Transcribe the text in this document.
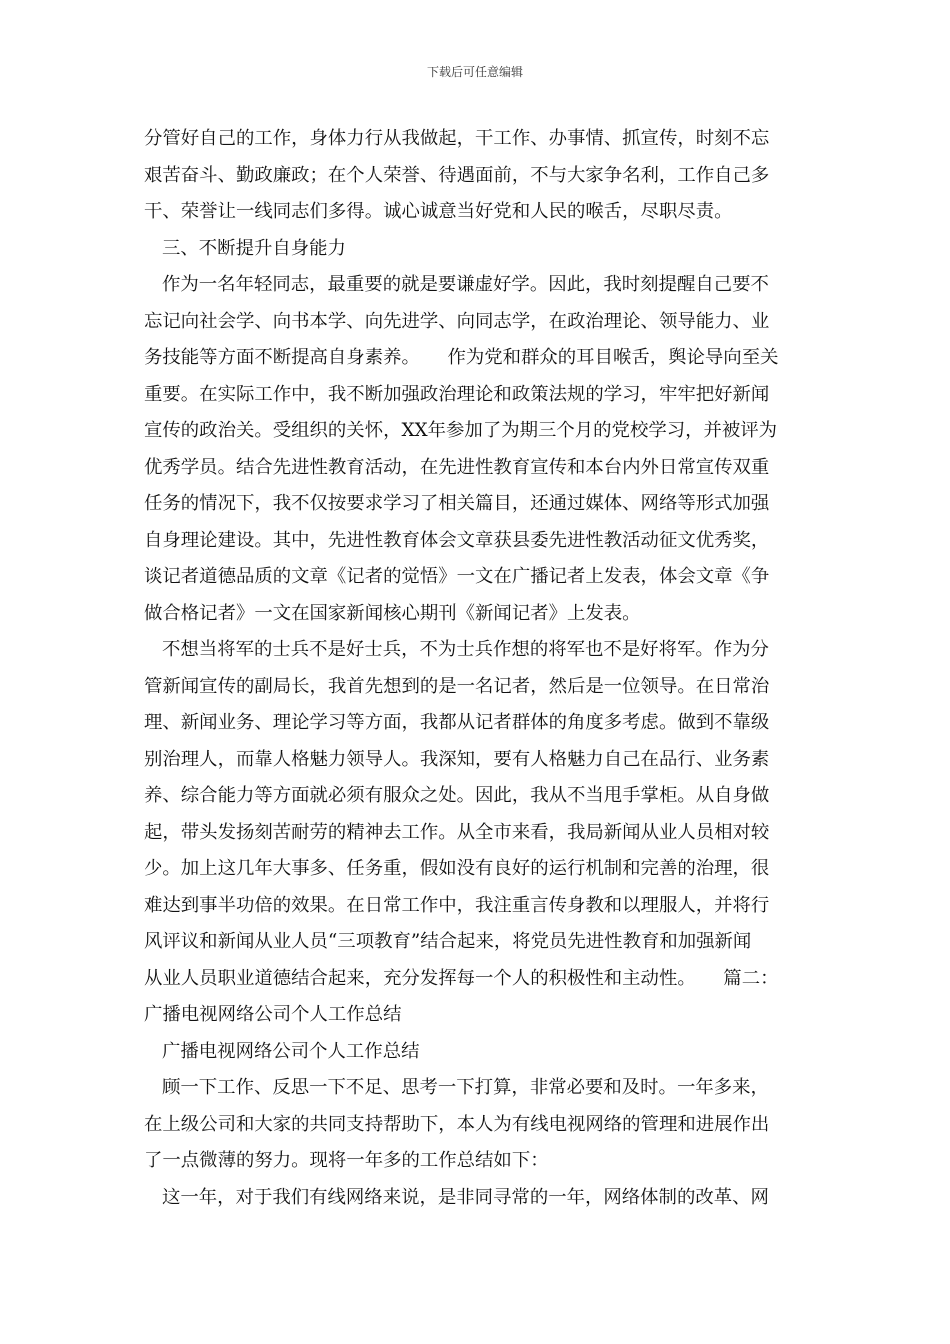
下载后可任意编辑
分管好自己的工作，身体力行从我做起，干工作、办事情、抓宣传，时刻不忘
艰苦奋斗、勤政廉政；在个人荣誉、待遇面前，不与大家争名利，工作自己多
干、荣誉让一线同志们多得。诚心诚意当好党和人民的喉舌，尽职尽责。
三、不断提升自身能力
作为一名年轻同志，最重要的就是要谦虚好学。因此，我时刻提醒自己要不
忘记向社会学、向书本学、向先进学、向同志学，在政治理论、领导能力、业
务技能等方面不断提高自身素养。　　作为党和群众的耳目喉舌，舆论导向至关
重要。在实际工作中，我不断加强政治理论和政策法规的学习，牢牢把好新闻
宣传的政治关。受组织的关怀，XX年参加了为期三个月的党校学习，并被评为
优秀学员。结合先进性教育活动，在先进性教育宣传和本台内外日常宣传双重
任务的情况下，我不仅按要求学习了相关篇目，还通过媒体、网络等形式加强
自身理论建设。其中，先进性教育体会文章获县委先进性教活动征文优秀奖，
谈记者道德品质的文章《记者的觉悟》一文在广播记者上发表，体会文章《争
做合格记者》一文在国家新闻核心期刊《新闻记者》上发表。
不想当将军的士兵不是好士兵，不为士兵作想的将军也不是好将军。作为分
管新闻宣传的副局长，我首先想到的是一名记者，然后是一位领导。在日常治
理、新闻业务、理论学习等方面，我都从记者群体的角度多考虑。做到不靠级
别治理人，而靠人格魅力领导人。我深知，要有人格魅力自己在品行、业务素
养、综合能力等方面就必须有服众之处。因此，我从不当甩手掌柜。从自身做
起，带头发扬刻苦耐劳的精神去工作。从全市来看，我局新闻从业人员相对较
少。加上这几年大事多、任务重，假如没有良好的运行机制和完善的治理，很
难达到事半功倍的效果。在日常工作中，我注重言传身教和以理服人，并将行
风评议和新闻从业人员“三项教育”结合起来，将党员先进性教育和加强新闻
从业人员职业道德结合起来，充分发挥每一个人的积极性和主动性。　　篇二：
广播电视网络公司个人工作总结
广播电视网络公司个人工作总结
顾一下工作、反思一下不足、思考一下打算，非常必要和及时。一年多来，
在上级公司和大家的共同支持帮助下，本人为有线电视网络的管理和进展作出
了一点微薄的努力。现将一年多的工作总结如下：
这一年，对于我们有线网络来说，是非同寻常的一年，网络体制的改革、网
